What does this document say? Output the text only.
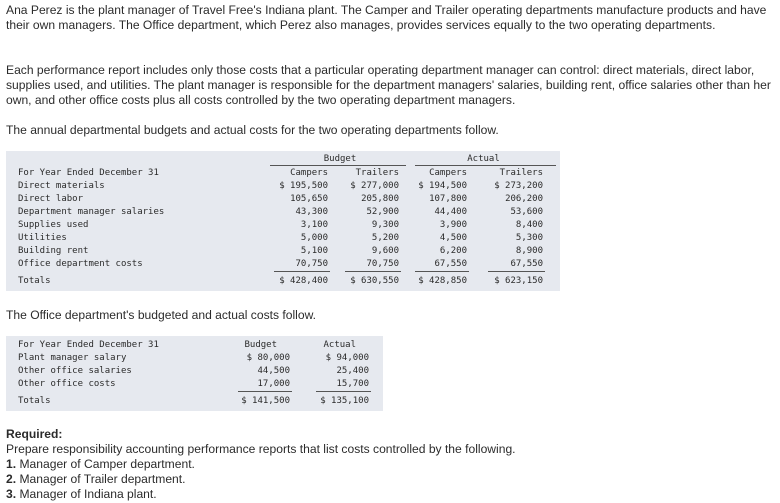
Ana Perez is the plant manager of Travel Free's Indiana plant. The Camper and Trailer operating departments manufacture products and have their own managers. The Office department, which Perez also manages, provides services equally to the two operating departments.

Each performance report includes only those costs that a particular operating department manager can control: direct materials, direct labor, supplies used, and utilities. The plant manager is responsible for the department managers' salaries, building rent, office salaries other than her own, and other office costs plus all costs controlled by the two operating department managers.

The annual departmental budgets and actual costs for the two operating departments follow.

Budget	Actual
For Year Ended December 31	Campers	Trailers	Campers	Trailers
Direct materials	$ 195,500	$ 277,000	$ 194,500	$ 273,200
Direct labor	105,650	205,800	107,800	206,200
Department manager salaries	43,300	52,900	44,400	53,600
Supplies used	3,100	9,300	3,900	8,400
Utilities	5,000	5,200	4,500	5,300
Building rent	5,100	9,600	6,200	8,900
Office department costs	70,750	70,750	67,550	67,550
Totals	$ 428,400	$ 630,550	$ 428,850	$ 623,150

The Office department's budgeted and actual costs follow.

For Year Ended December 31	Budget	Actual
Plant manager salary	$ 80,000	$ 94,000
Other office salaries	44,500	25,400
Other office costs	17,000	15,700
Totals	$ 141,500	$ 135,100
Required:
Prepare responsibility accounting performance reports that list costs controlled by the following.
1. Manager of Camper department.
2. Manager of Trailer department.
3. Manager of Indiana plant.
